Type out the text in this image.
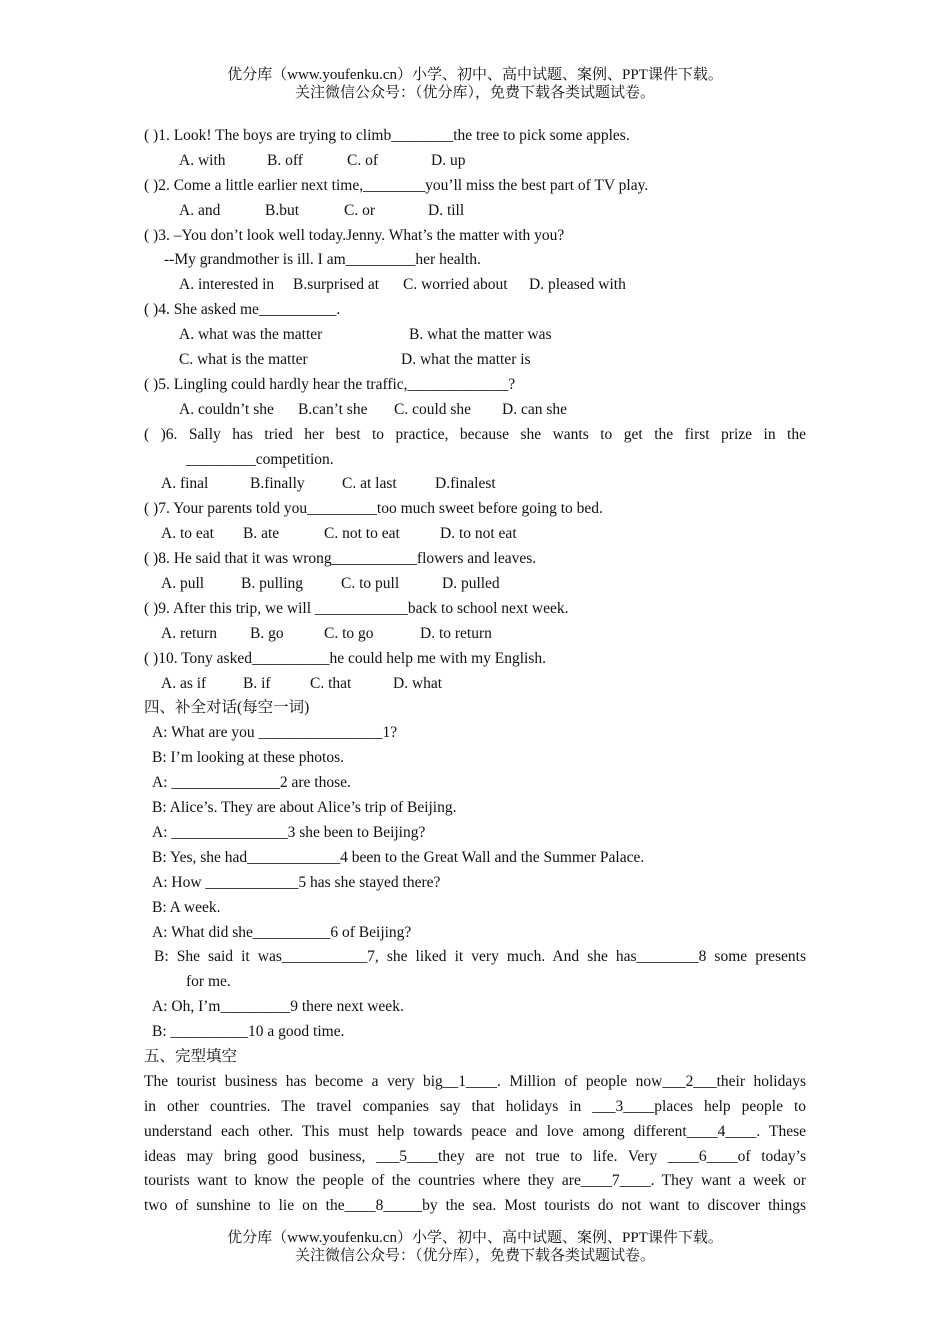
优分库（www.youfenku.cn）小学、初中、高中试题、案例、PPT课件下载。
关注微信公众号：（优分库），免费下载各类试题试卷。
( )1. Look! The boys are trying to climb________the tree to pick some apples.
A. with	B. off	C. of	D. up
( )2. Come a little earlier next time,________you’ll miss the best part of TV play.
A. and	B.but	C. or	D. till
( )3. –You don’t look well today.Jenny. What’s the matter with you?
--My grandmother is ill. I am_________her health.
A. interested in	B.surprised at	C. worried about	D. pleased with
( )4. She asked me__________.
A. what was the matter	B. what the matter was
C. what is the matter	D. what the matter is
( )5. Lingling could hardly hear the traffic,_____________?
A. couldn’t she	B.can’t she	C. could she	D. can she
( )6. Sally has tried her best to practice, because she wants to get the first prize in the
_________competition.
A. final	B.finally	C. at last	D.finalest
( )7. Your parents told you_________too much sweet before going to bed.
A. to eat	B. ate	C. not to eat	D. to not eat
( )8. He said that it was wrong___________flowers and leaves.
A. pull	B. pulling	C. to pull	D. pulled
( )9. After this trip, we will ____________back to school next week.
A. return	B. go	C. to go	D. to return
( )10. Tony asked__________he could help me with my English.
A. as if	B. if	C. that	D. what
四、补全对话(每空一词)
A: What are you ________________1?
B: I’m looking at these photos.
A: ______________2 are those.
B: Alice’s. They are about Alice’s trip of Beijing.
A: _______________3 she been to Beijing?
B: Yes, she had____________4 been to the Great Wall and the Summer Palace.
A: How ____________5 has she stayed there?
B: A week.
A: What did she__________6 of Beijing?
B: She said it was___________7, she liked it very much. And she has________8 some presents
for me.
A: Oh, I’m_________9 there next week.
B: __________10 a good time.
五、完型填空
The tourist business has become a very big__1____. Million of people now___2___their holidays
in other countries. The travel companies say that holidays in ___3____places help people to
understand each other. This must help towards peace and love among different____4____. These
ideas may bring good business, ___5____they are not true to life. Very ____6____of today’s
tourists want to know the people of the countries where they are____7____. They want a week or
two of sunshine to lie on the____8_____by the sea. Most tourists do not want to discover things
优分库（www.youfenku.cn）小学、初中、高中试题、案例、PPT课件下载。
关注微信公众号：（优分库），免费下载各类试题试卷。
